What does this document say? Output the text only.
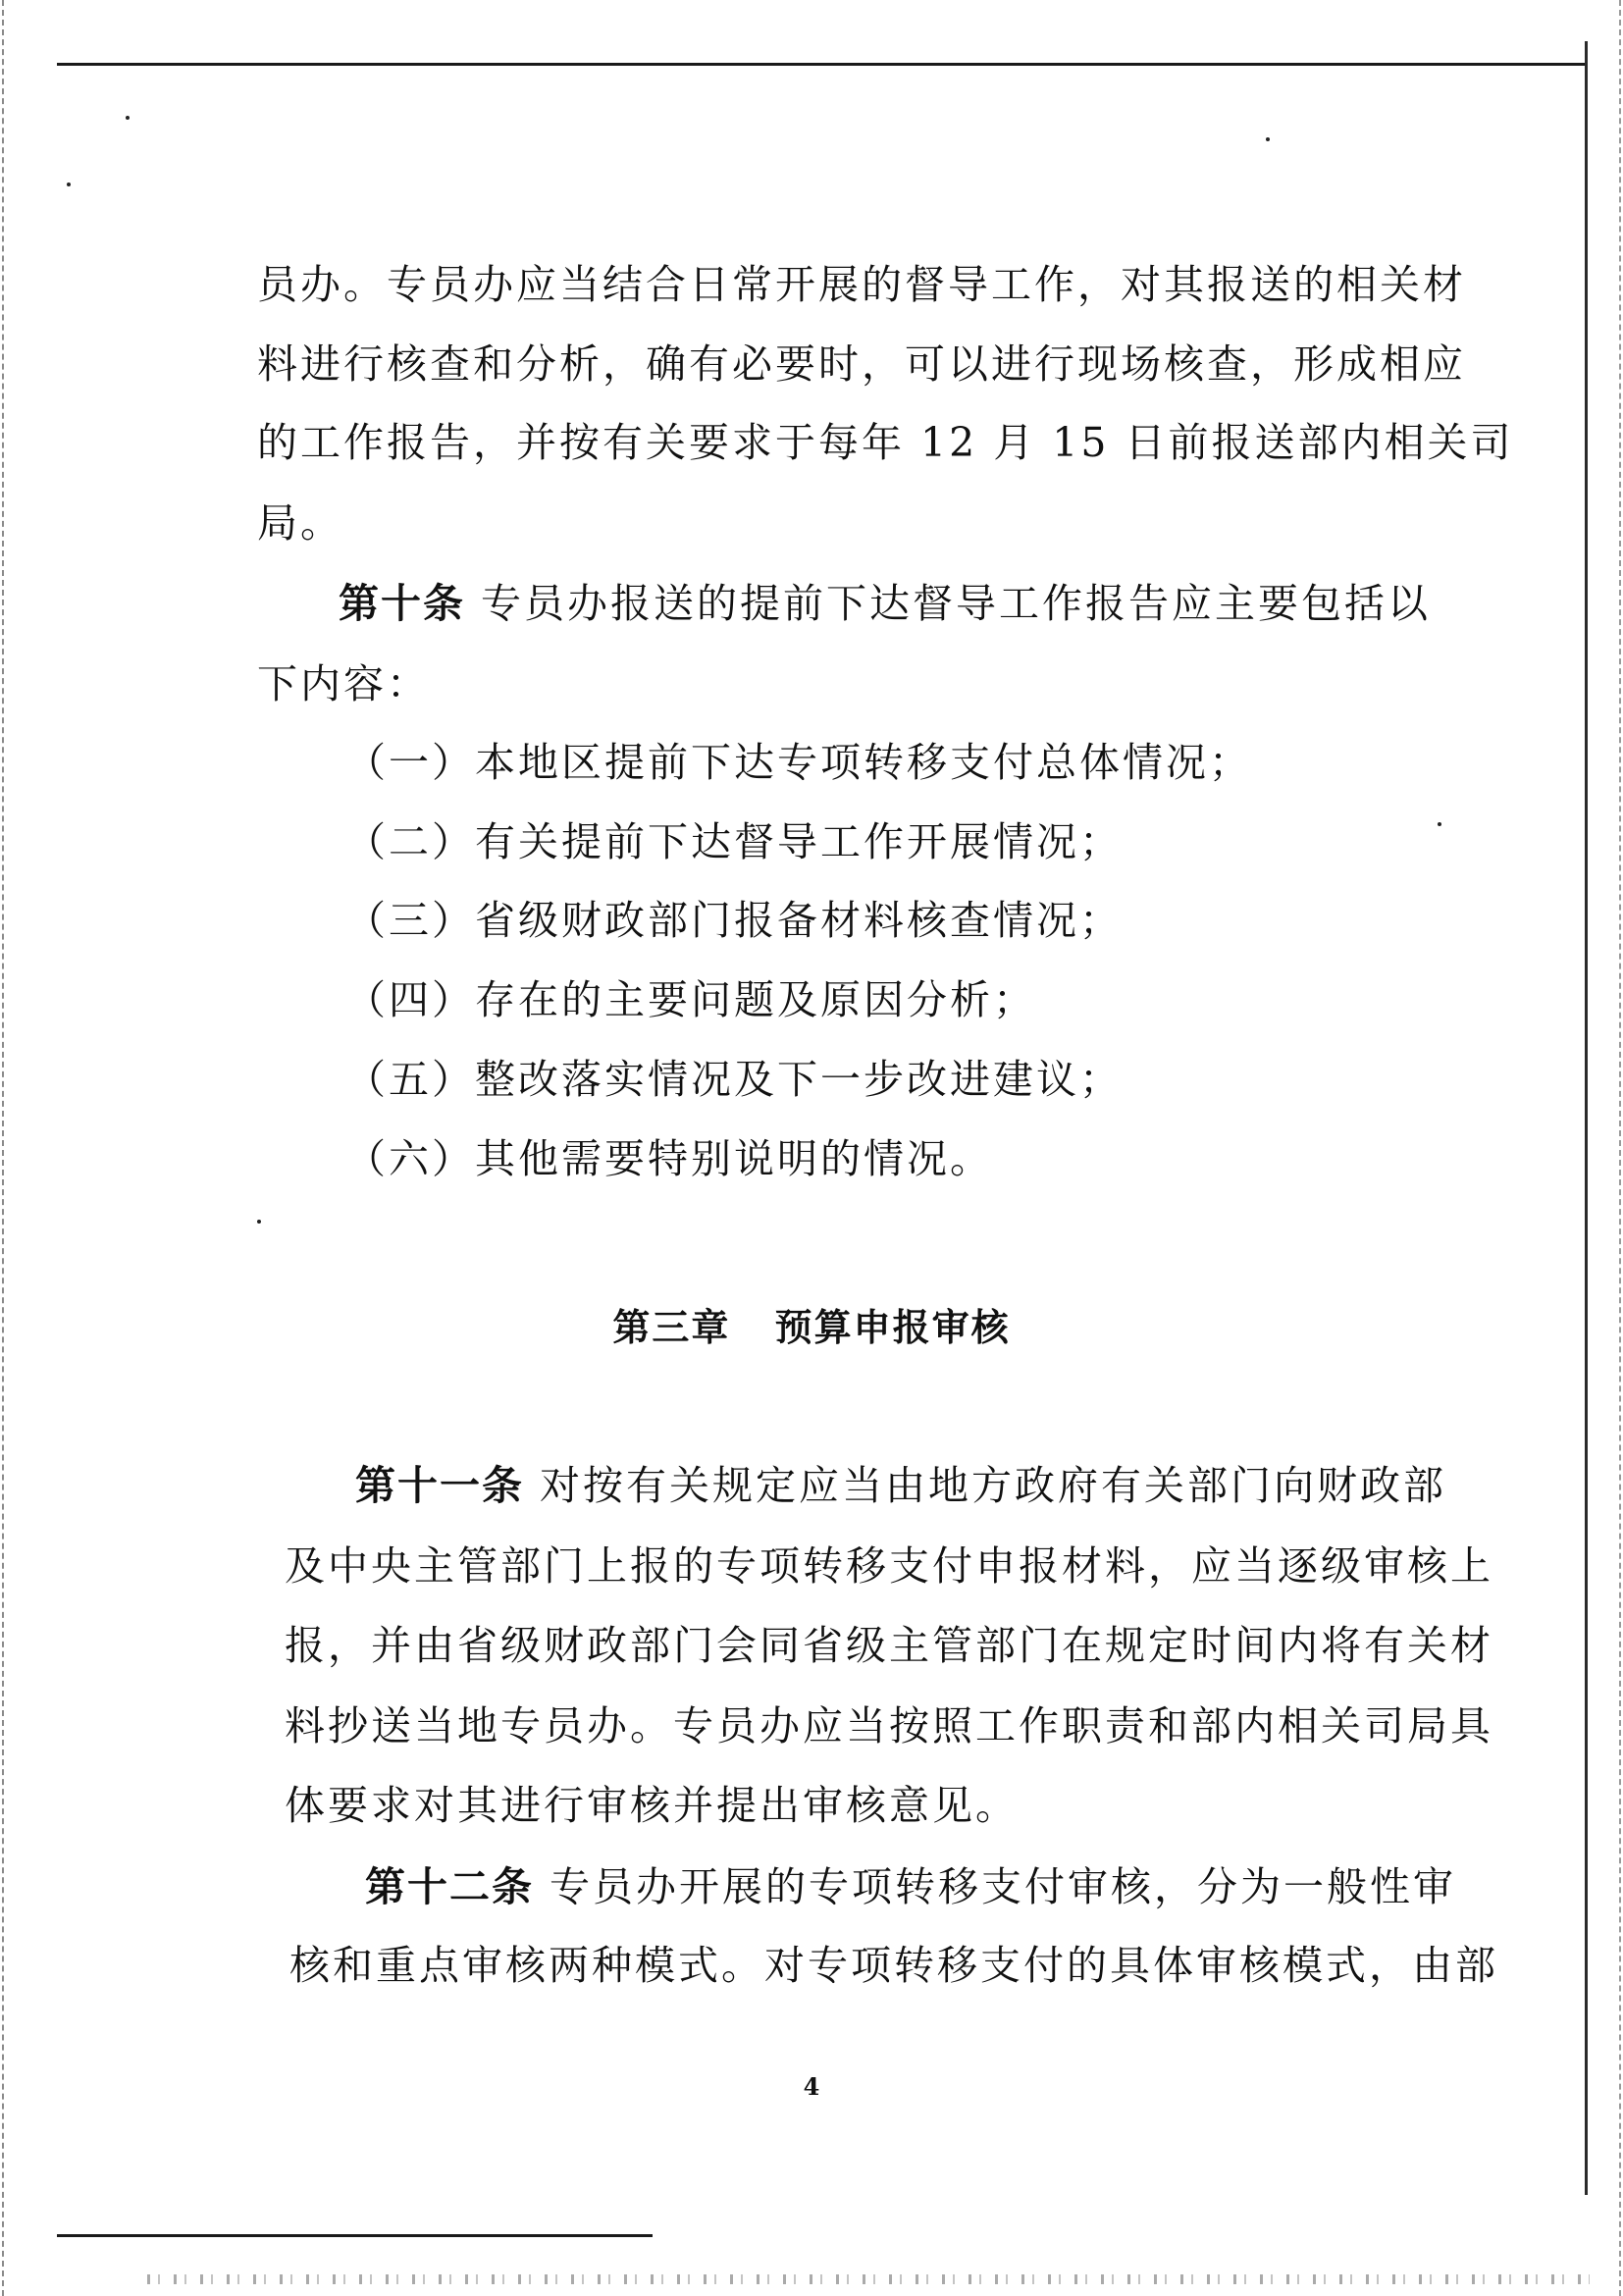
员办。专员办应当结合日常开展的督导工作，对其报送的相关材
料进行核查和分析，确有必要时，可以进行现场核查，形成相应
的工作报告，并按有关要求于每年 12 月 15 日前报送部内相关司
局。
第十条 专员办报送的提前下达督导工作报告应主要包括以
下内容：
（一）本地区提前下达专项转移支付总体情况；
（二）有关提前下达督导工作开展情况；
（三）省级财政部门报备材料核查情况；
（四）存在的主要问题及原因分析；
（五）整改落实情况及下一步改进建议；
（六）其他需要特别说明的情况。
第三章 预算申报审核
第十一条 对按有关规定应当由地方政府有关部门向财政部
及中央主管部门上报的专项转移支付申报材料，应当逐级审核上
报，并由省级财政部门会同省级主管部门在规定时间内将有关材
料抄送当地专员办。专员办应当按照工作职责和部内相关司局具
体要求对其进行审核并提出审核意见。
第十二条 专员办开展的专项转移支付审核，分为一般性审
核和重点审核两种模式。对专项转移支付的具体审核模式，由部
4
